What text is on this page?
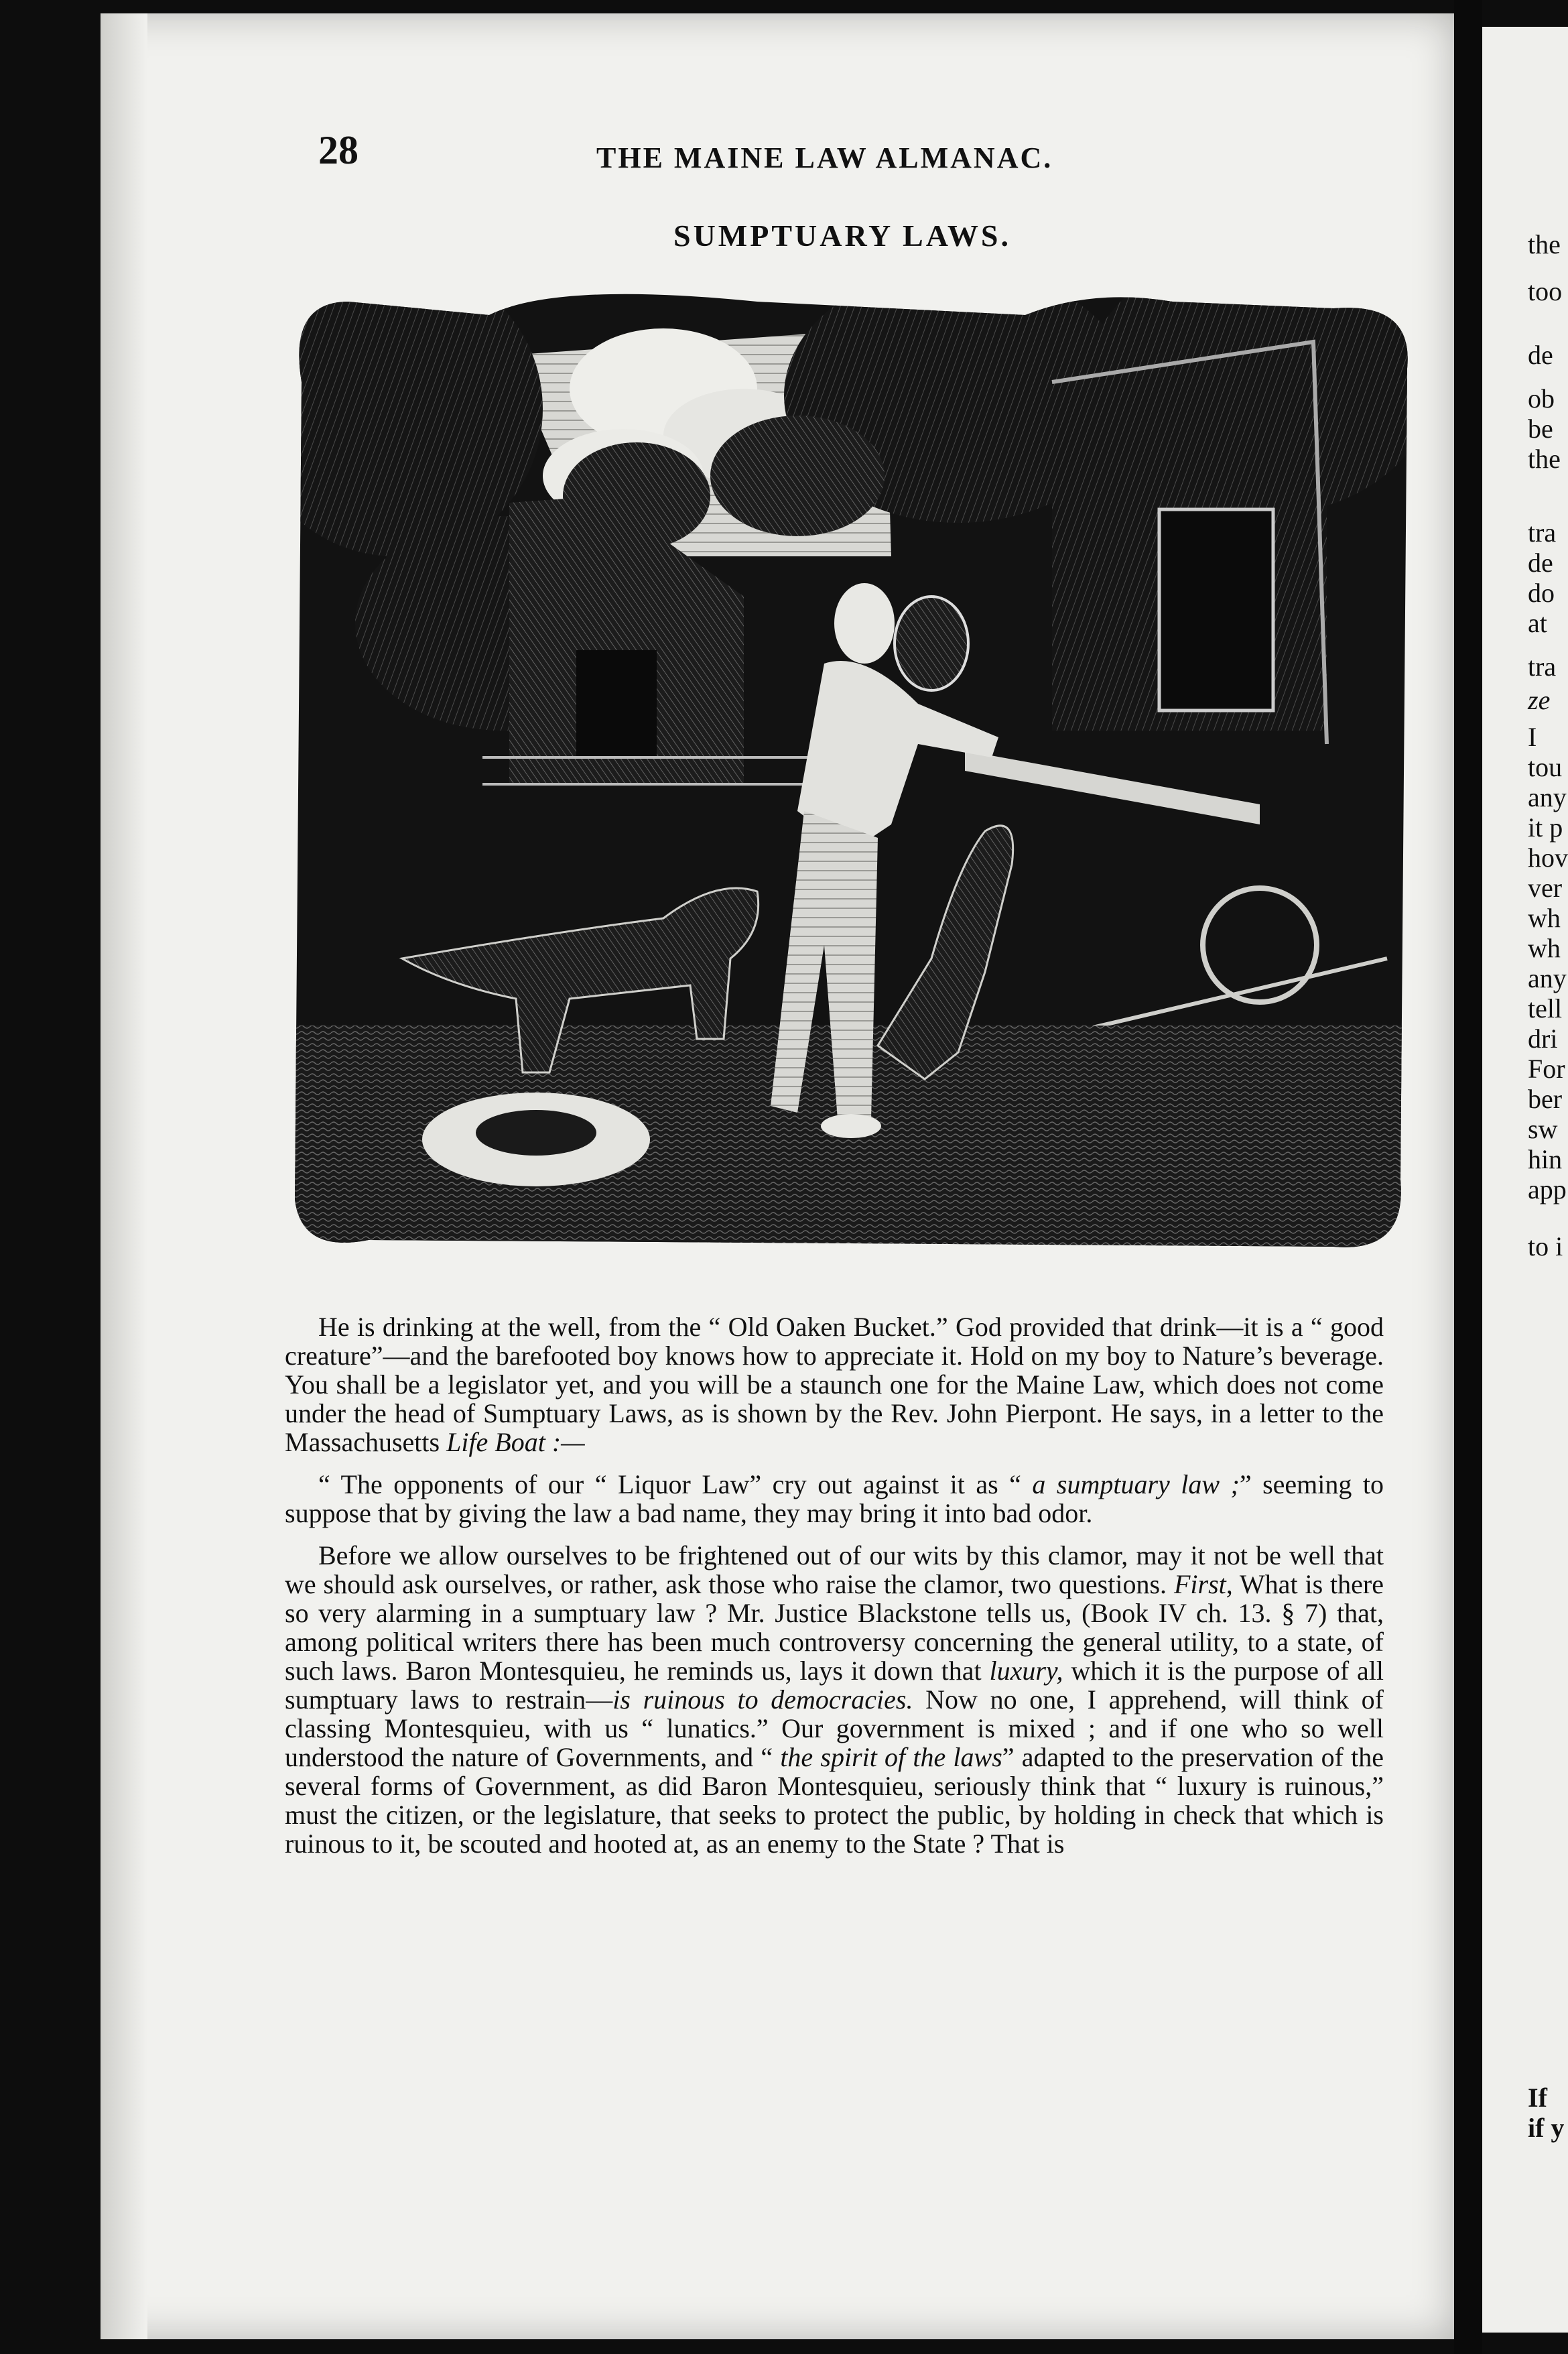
the
too
de
ob
be
the
tra
de
do
at
tra
ze
I
tou
any
it p
hov
ver
wh
wh
any
tell
dri
For
ber
sw
hin
app
to i
If
if y
28	THE MAINE LAW ALMANAC.
SUMPTUARY LAWS.

He is drinking at the well, from the “ Old Oaken Bucket.” God provided that drink—it is a “ good creature”—and the barefooted boy knows how to appreciate it. Hold on my boy to Nature’s beverage. You shall be a legislator yet, and you will be a staunch one for the Maine Law, which does not come under the head of Sumptuary Laws, as is shown by the Rev. John Pierpont. He says, in a letter to the Massachusetts Life Boat :—

“ The opponents of our “ Liquor Law” cry out against it as “ a sumptuary law ;” seeming to suppose that by giving the law a bad name, they may bring it into bad odor.

Before we allow ourselves to be frightened out of our wits by this clamor, may it not be well that we should ask ourselves, or rather, ask those who raise the clamor, two questions. First, What is there so very alarming in a sumptuary law ? Mr. Justice Blackstone tells us, (Book IV ch. 13. § 7) that, among political writers there has been much controversy concerning the general utility, to a state, of such laws. Baron Montesquieu, he reminds us, lays it down that luxury, which it is the purpose of all sumptuary laws to restrain—is ruinous to democracies. Now no one, I apprehend, will think of classing Montesquieu, with us “ lunatics.” Our government is mixed ; and if one who so well understood the nature of Governments, and “ the spirit of the laws” adapted to the preservation of the several forms of Government, as did Baron Montesquieu, seriously think that “ luxury is ruinous,” must the citizen, or the legislature, that seeks to protect the public, by holding in check that which is ruinous to it, be scouted and hooted at, as an enemy to the State ? That is
